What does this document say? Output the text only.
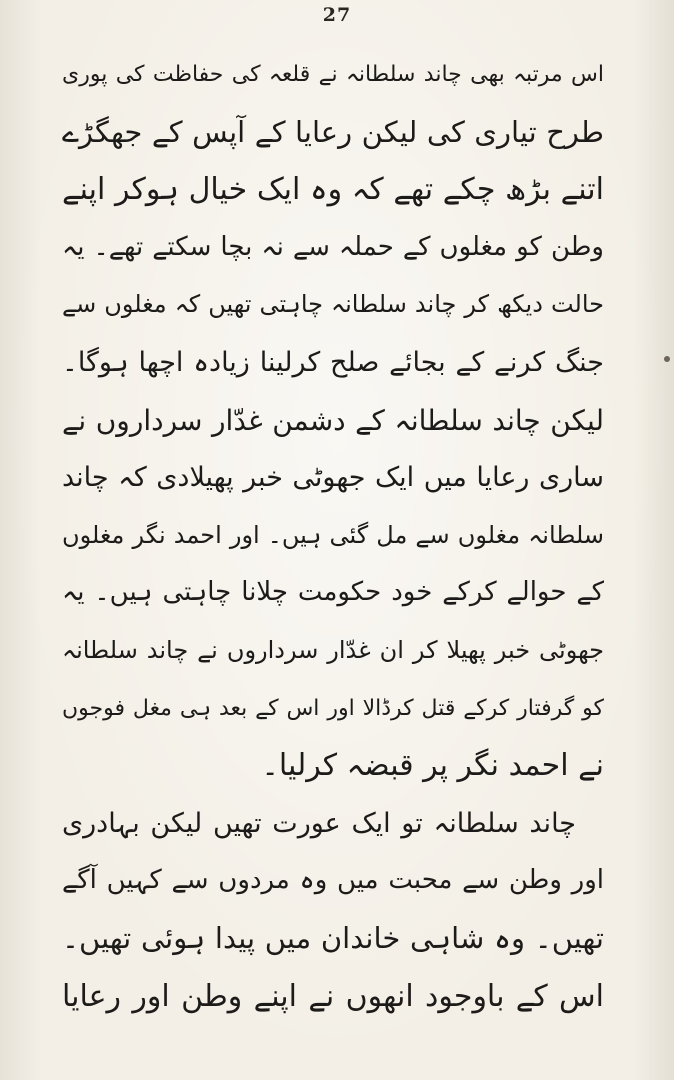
27
اس مرتبہ بھی چاند سلطانہ نے قلعہ کی حفاظت کی پوری
طرح تیاری کی لیکن رعایا کے آپس کے جھگڑے
اتنے بڑھ چکے تھے کہ وہ ایک خیال ہوکر اپنے
وطن کو مغلوں کے حملہ سے نہ بچا سکتے تھے۔ یہ
حالت دیکھ کر چاند سلطانہ چاہتی تھیں کہ مغلوں سے
جنگ کرنے کے بجائے صلح کرلینا زیادہ اچھا ہوگا۔
لیکن چاند سلطانہ کے دشمن غدّار سرداروں نے
ساری رعایا میں ایک جھوٹی خبر پھیلادی کہ چاند
سلطانہ مغلوں سے مل گئی ہیں۔ اور احمد نگر مغلوں
کے حوالے کرکے خود حکومت چلانا چاہتی ہیں۔ یہ
جھوٹی خبر پھیلا کر ان غدّار سرداروں نے چاند سلطانہ
کو گرفتار کرکے قتل کرڈالا اور اس کے بعد ہی مغل فوجوں
نے احمد نگر پر قبضہ کرلیا۔
چاند سلطانہ تو ایک عورت تھیں لیکن بہادری
اور وطن سے محبت میں وہ مردوں سے کہیں آگے
تھیں۔ وہ شاہی خاندان میں پیدا ہوئی تھیں۔
اس کے باوجود انھوں نے اپنے وطن اور رعایا
